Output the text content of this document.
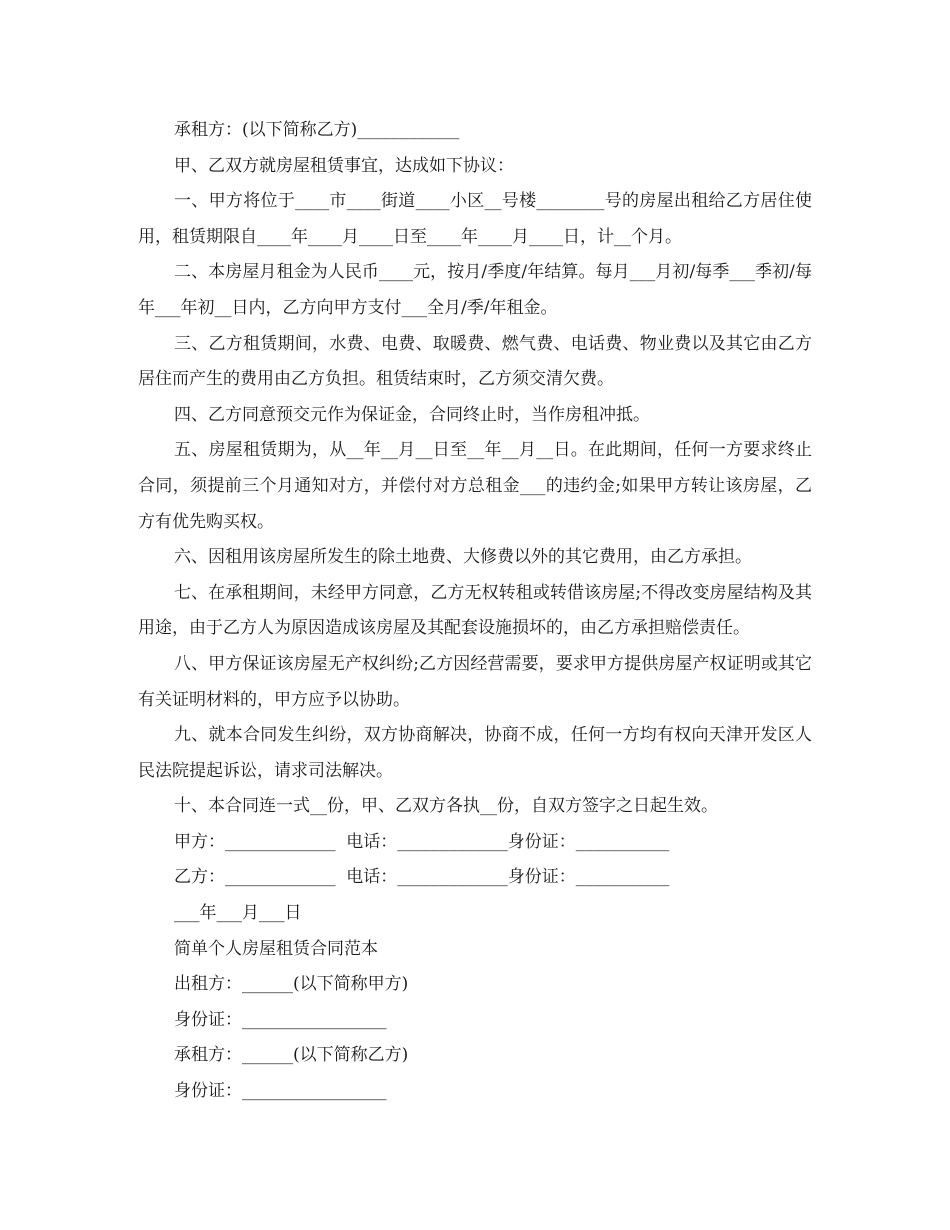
承租方：(以下简称乙方)____________

甲、乙双方就房屋租赁事宜，达成如下协议：

一、甲方将位于____市____街道____小区__号楼________号的房屋出租给乙方居住使用，租赁期限自____年____月____日至____年____月____日，计__个月。

二、本房屋月租金为人民币____元，按月/季度/年结算。每月___月初/每季___季初/每年___年初__日内，乙方向甲方支付___全月/季/年租金。

三、乙方租赁期间，水费、电费、取暖费、燃气费、电话费、物业费以及其它由乙方居住而产生的费用由乙方负担。租赁结束时，乙方须交清欠费。

四、乙方同意预交元作为保证金，合同终止时，当作房租冲抵。

五、房屋租赁期为，从__年__月__日至__年__月__日。在此期间，任何一方要求终止合同，须提前三个月通知对方，并偿付对方总租金___的违约金;如果甲方转让该房屋，乙方有优先购买权。

六、因租用该房屋所发生的除土地费、大修费以外的其它费用，由乙方承担。

七、在承租期间，未经甲方同意，乙方无权转租或转借该房屋;不得改变房屋结构及其用途，由于乙方人为原因造成该房屋及其配套设施损坏的，由乙方承担赔偿责任。

八、甲方保证该房屋无产权纠纷;乙方因经营需要，要求甲方提供房屋产权证明或其它有关证明材料的，甲方应予以协助。

九、就本合同发生纠纷，双方协商解决，协商不成，任何一方均有权向天津开发区人民法院提起诉讼，请求司法解决。

十、本合同连一式__份，甲、乙双方各执__份，自双方签字之日起生效。

甲方：_____________  电话：_____________身份证：___________

乙方：_____________  电话：_____________身份证：___________

___年___月___日

简单个人房屋租赁合同范本

出租方：______(以下简称甲方)

身份证：_________________

承租方：______(以下简称乙方)

身份证：_________________
